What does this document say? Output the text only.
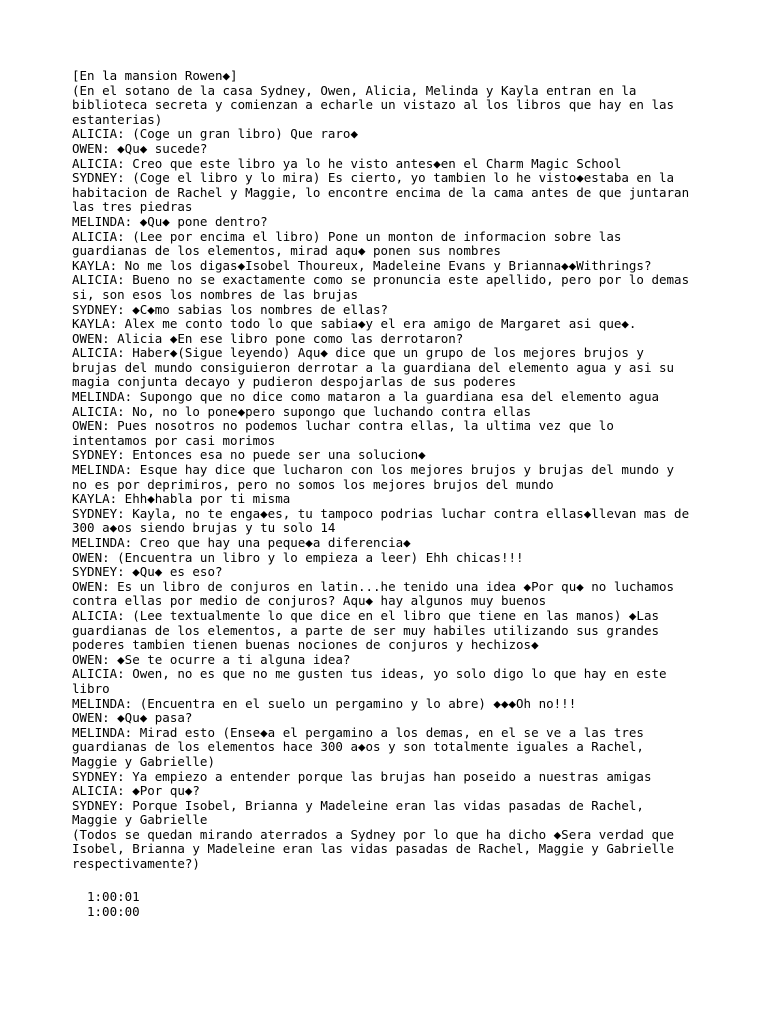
[En la mansion Rowen◆]
(En el sotano de la casa Sydney, Owen, Alicia, Melinda y Kayla entran en la
biblioteca secreta y comienzan a echarle un vistazo al los libros que hay en las
estanterias)
ALICIA: (Coge un gran libro) Que raro◆
OWEN: ◆Qu◆ sucede?
ALICIA: Creo que este libro ya lo he visto antes◆en el Charm Magic School
SYDNEY: (Coge el libro y lo mira) Es cierto, yo tambien lo he visto◆estaba en la
habitacion de Rachel y Maggie, lo encontre encima de la cama antes de que juntaran
las tres piedras
MELINDA: ◆Qu◆ pone dentro?
ALICIA: (Lee por encima el libro) Pone un monton de informacion sobre las
guardianas de los elementos, mirad aqu◆ ponen sus nombres
KAYLA: No me los digas◆Isobel Thoureux, Madeleine Evans y Brianna◆◆Withrings?
ALICIA: Bueno no se exactamente como se pronuncia este apellido, pero por lo demas
si, son esos los nombres de las brujas
SYDNEY: ◆C◆mo sabias los nombres de ellas?
KAYLA: Alex me conto todo lo que sabia◆y el era amigo de Margaret asi que◆.
OWEN: Alicia ◆En ese libro pone como las derrotaron?
ALICIA: Haber◆(Sigue leyendo) Aqu◆ dice que un grupo de los mejores brujos y
brujas del mundo consiguieron derrotar a la guardiana del elemento agua y asi su
magia conjunta decayo y pudieron despojarlas de sus poderes
MELINDA: Supongo que no dice como mataron a la guardiana esa del elemento agua
ALICIA: No, no lo pone◆pero supongo que luchando contra ellas
OWEN: Pues nosotros no podemos luchar contra ellas, la ultima vez que lo
intentamos por casi morimos
SYDNEY: Entonces esa no puede ser una solucion◆
MELINDA: Esque hay dice que lucharon con los mejores brujos y brujas del mundo y
no es por deprimiros, pero no somos los mejores brujos del mundo
KAYLA: Ehh◆habla por ti misma
SYDNEY: Kayla, no te enga◆es, tu tampoco podrias luchar contra ellas◆llevan mas de
300 a◆os siendo brujas y tu solo 14
MELINDA: Creo que hay una peque◆a diferencia◆
OWEN: (Encuentra un libro y lo empieza a leer) Ehh chicas!!!
SYDNEY: ◆Qu◆ es eso?
OWEN: Es un libro de conjuros en latin...he tenido una idea ◆Por qu◆ no luchamos
contra ellas por medio de conjuros? Aqu◆ hay algunos muy buenos
ALICIA: (Lee textualmente lo que dice en el libro que tiene en las manos) ◆Las
guardianas de los elementos, a parte de ser muy habiles utilizando sus grandes
poderes tambien tienen buenas nociones de conjuros y hechizos◆
OWEN: ◆Se te ocurre a ti alguna idea?
ALICIA: Owen, no es que no me gusten tus ideas, yo solo digo lo que hay en este
libro
MELINDA: (Encuentra en el suelo un pergamino y lo abre) ◆◆◆Oh no!!!
OWEN: ◆Qu◆ pasa?
MELINDA: Mirad esto (Ense◆a el pergamino a los demas, en el se ve a las tres
guardianas de los elementos hace 300 a◆os y son totalmente iguales a Rachel,
Maggie y Gabrielle)
SYDNEY: Ya empiezo a entender porque las brujas han poseido a nuestras amigas
ALICIA: ◆Por qu◆?
SYDNEY: Porque Isobel, Brianna y Madeleine eran las vidas pasadas de Rachel,
Maggie y Gabrielle
(Todos se quedan mirando aterrados a Sydney por lo que ha dicho ◆Sera verdad que
Isobel, Brianna y Madeleine eran las vidas pasadas de Rachel, Maggie y Gabrielle
respectivamente?)
1:00:01
1:00:00
